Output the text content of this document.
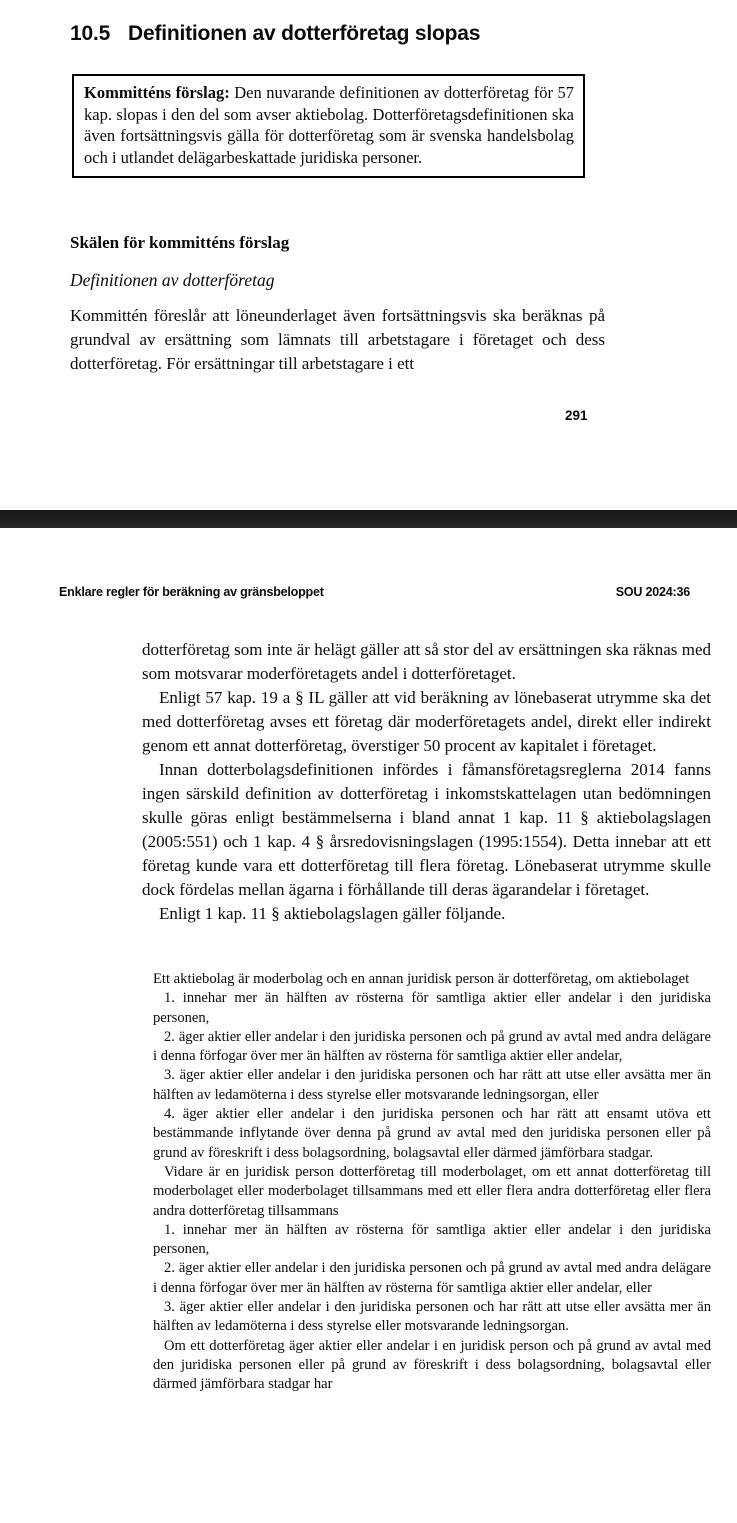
10.5 Definitionen av dotterföretag slopas

Kommitténs förslag: Den nuvarande definitionen av dotterföretag för 57 kap. slopas i den del som avser aktiebolag. Dotterföretagsdefinitionen ska även fortsättningsvis gälla för dotterföretag som är svenska handelsbolag och i utlandet delägarbeskattade juridiska personer.

Skälen för kommitténs förslag
Definitionen av dotterföretag

Kommittén föreslår att löneunderlaget även fortsättningsvis ska beräknas på grundval av ersättning som lämnats till arbetstagare i företaget och dess dotterföretag. För ersättningar till arbetstagare i ett

291
Enklare regler för beräkning av gränsbeloppet	SOU 2024:36

dotterföretag som inte är helägt gäller att så stor del av ersättningen ska räknas med som motsvarar moderföretagets andel i dotterföretaget.

Enligt 57 kap. 19 a § IL gäller att vid beräkning av lönebaserat utrymme ska det med dotterföretag avses ett företag där moderföretagets andel, direkt eller indirekt genom ett annat dotterföretag, överstiger 50 procent av kapitalet i företaget.

Innan dotterbolagsdefinitionen infördes i fåmansföretagsreglerna 2014 fanns ingen särskild definition av dotterföretag i inkomstskattelagen utan bedömningen skulle göras enligt bestämmelserna i bland annat 1 kap. 11 § aktiebolagslagen (2005:551) och 1 kap. 4 § årsredovisningslagen (1995:1554). Detta innebar att ett företag kunde vara ett dotterföretag till flera företag. Lönebaserat utrymme skulle dock fördelas mellan ägarna i förhållande till deras ägarandelar i företaget.

Enligt 1 kap. 11 § aktiebolagslagen gäller följande.

Ett aktiebolag är moderbolag och en annan juridisk person är dotterföretag, om aktiebolaget

1. innehar mer än hälften av rösterna för samtliga aktier eller andelar i den juridiska personen,

2. äger aktier eller andelar i den juridiska personen och på grund av avtal med andra delägare i denna förfogar över mer än hälften av rösterna för samtliga aktier eller andelar,

3. äger aktier eller andelar i den juridiska personen och har rätt att utse eller avsätta mer än hälften av ledamöterna i dess styrelse eller motsvarande ledningsorgan, eller

4. äger aktier eller andelar i den juridiska personen och har rätt att ensamt utöva ett bestämmande inflytande över denna på grund av avtal med den juridiska personen eller på grund av föreskrift i dess bolagsordning, bolagsavtal eller därmed jämförbara stadgar.

Vidare är en juridisk person dotterföretag till moderbolaget, om ett annat dotterföretag till moderbolaget eller moderbolaget tillsammans med ett eller flera andra dotterföretag eller flera andra dotterföretag tillsammans

1. innehar mer än hälften av rösterna för samtliga aktier eller andelar i den juridiska personen,

2. äger aktier eller andelar i den juridiska personen och på grund av avtal med andra delägare i denna förfogar över mer än hälften av rösterna för samtliga aktier eller andelar, eller

3. äger aktier eller andelar i den juridiska personen och har rätt att utse eller avsätta mer än hälften av ledamöterna i dess styrelse eller motsvarande ledningsorgan.

Om ett dotterföretag äger aktier eller andelar i en juridisk person och på grund av avtal med den juridiska personen eller på grund av föreskrift i dess bolagsordning, bolagsavtal eller därmed jämförbara stadgar har
